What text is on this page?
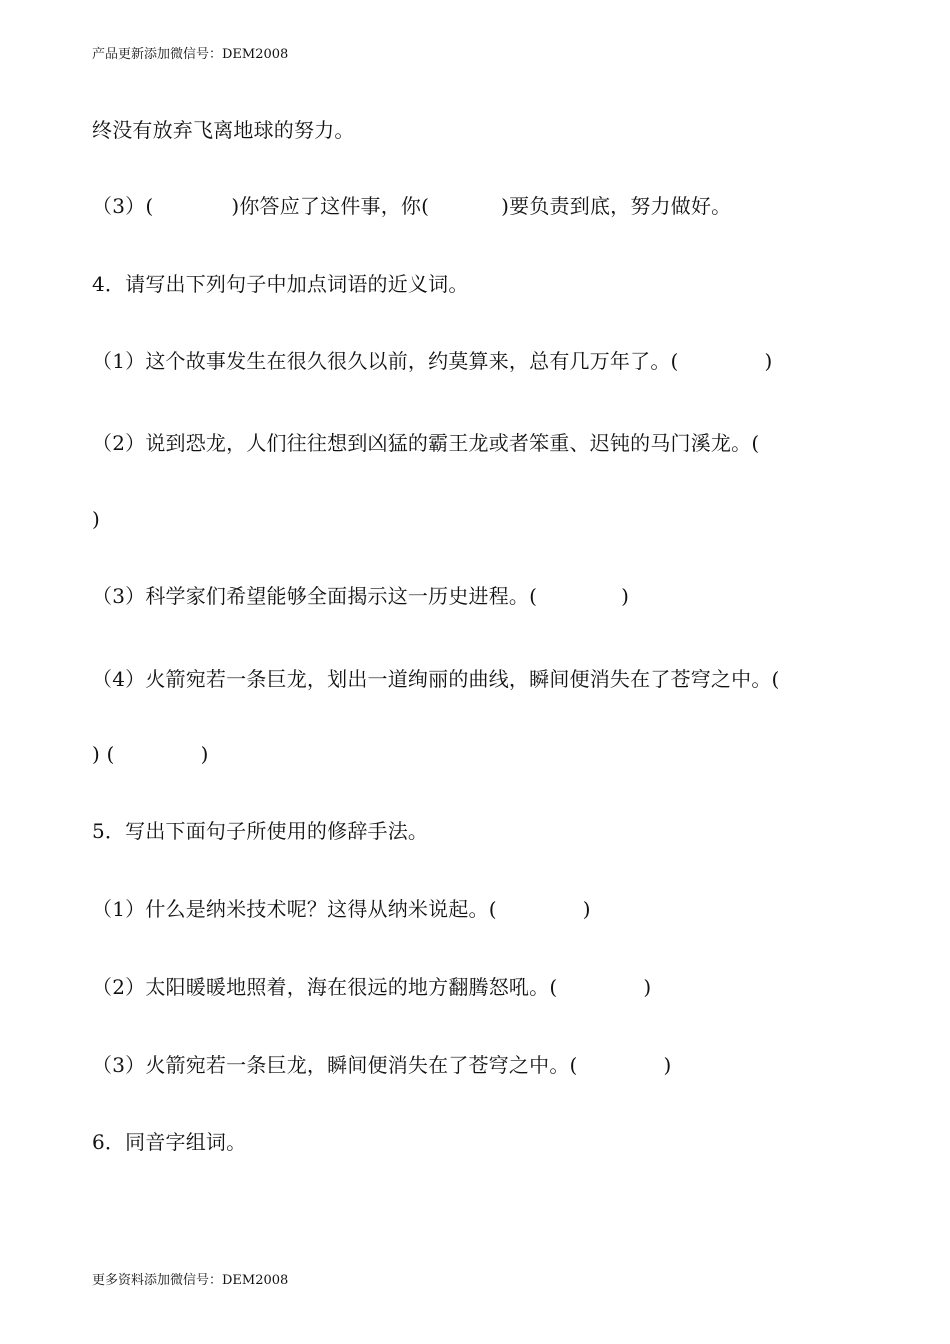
产品更新添加微信号：DEM2008
终没有放弃飞离地球的努力。
（3）(	)你答应了这件事，你(	)要负责到底，努力做好。
4．请写出下列句子中加点词语的近义词。
（1）这个故事发生在很久很久以前，约莫算来，总有几万年了。(	)
（2）说到恐龙，人们往往想到凶猛的霸王龙或者笨重、迟钝的马门溪龙。(
)
（3）科学家们希望能够全面揭示这一历史进程。(	)
（4）火箭宛若一条巨龙，划出一道绚丽的曲线，瞬间便消失在了苍穹之中。(
) (	)
5．写出下面句子所使用的修辞手法。
（1）什么是纳米技术呢？这得从纳米说起。(	)
（2）太阳暖暖地照着，海在很远的地方翻腾怒吼。(	)
（3）火箭宛若一条巨龙，瞬间便消失在了苍穹之中。(	)
6．同音字组词。
更多资料添加微信号：DEM2008
